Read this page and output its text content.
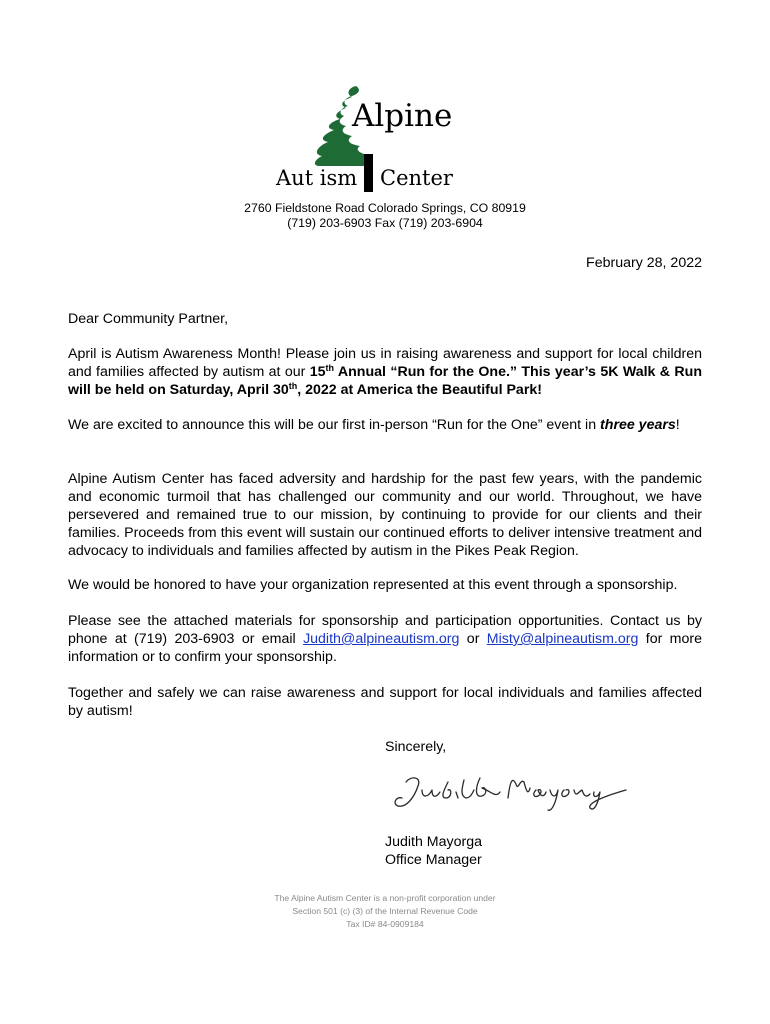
Alpine
Aut ism Center
2760 Fieldstone Road Colorado Springs, CO 80919
(719) 203-6903 Fax (719) 203-6904
February 28, 2022

Dear Community Partner,

April is Autism Awareness Month! Please join us in raising awareness and support for local children and families affected by autism at our 15th Annual “Run for the One.” This year’s 5K Walk & Run will be held on Saturday, April 30th, 2022 at America the Beautiful Park!

We are excited to announce this will be our first in-person “Run for the One” event in three years!

Alpine Autism Center has faced adversity and hardship for the past few years, with the pandemic and economic turmoil that has challenged our community and our world. Throughout, we have persevered and remained true to our mission, by continuing to provide for our clients and their families. Proceeds from this event will sustain our continued efforts to deliver intensive treatment and advocacy to individuals and families affected by autism in the Pikes Peak Region.

We would be honored to have your organization represented at this event through a sponsorship.

Please see the attached materials for sponsorship and participation opportunities. Contact us by phone at (719) 203-6903 or email Judith@alpineautism.org or Misty@alpineautism.org for more information or to confirm your sponsorship.

Together and safely we can raise awareness and support for local individuals and families affected by autism!

Sincerely,
Judith Mayorga
Office Manager
The Alpine Autism Center is a non-profit corporation under
Section 501 (c) (3) of the Internal Revenue Code
Tax ID# 84-0909184
